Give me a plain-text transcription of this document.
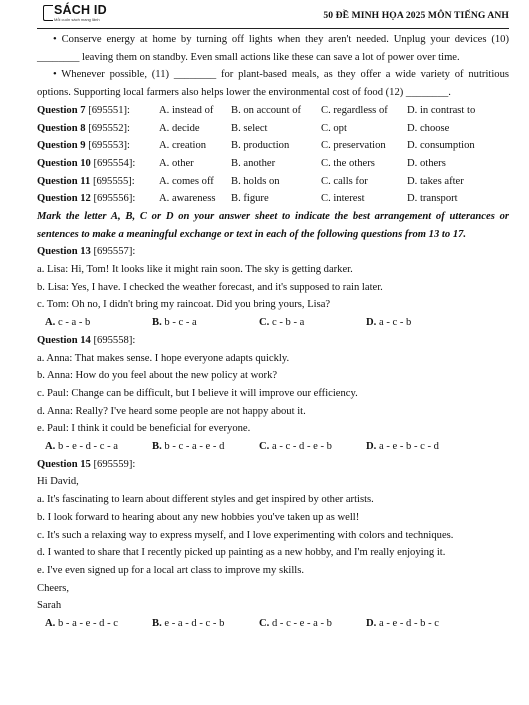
SÁCH ID
Mỗi cuốn sách mang lãnh	50 ĐỀ MINH HỌA 2025 MÔN TIẾNG ANH

• Conserve energy at home by turning off lights when they aren't needed. Unplug your devices (10) ________ leaving them on standby. Even small actions like these can save a lot of power over time.

• Whenever possible, (11) ________ for plant-based meals, as they offer a wide variety of nutritious options. Supporting local farmers also helps lower the environmental cost of food (12) ________.

Question 7 [695551]:	A. instead of	B. on account of	C. regardless of	D. in contrast to
Question 8 [695552]:	A. decide	B. select	C. opt	D. choose
Question 9 [695553]:	A. creation	B. production	C. preservation	D. consumption
Question 10 [695554]:	A. other	B. another	C. the others	D. others
Question 11 [695555]:	A. comes off	B. holds on	C. calls for	D. takes after
Question 12 [695556]:	A. awareness	B. figure	C. interest	D. transport

Mark the letter A, B, C or D on your answer sheet to indicate the best arrangement of utterances or sentences to make a meaningful exchange or text in each of the following questions from 13 to 17.

Question 13 [695557]:

a. Lisa: Hi, Tom! It looks like it might rain soon. The sky is getting darker.

b. Lisa: Yes, I have. I checked the weather forecast, and it's supposed to rain later.

c. Tom: Oh no, I didn't bring my raincoat. Did you bring yours, Lisa?

A. c - a - b	B. b - c - a	C. c - b - a	D. a - c - b

Question 14 [695558]:

a. Anna: That makes sense. I hope everyone adapts quickly.

b. Anna: How do you feel about the new policy at work?

c. Paul: Change can be difficult, but I believe it will improve our efficiency.

d. Anna: Really? I've heard some people are not happy about it.

e. Paul: I think it could be beneficial for everyone.

A. b - e - d - c - a	B. b - c - a - e - d	C. a - c - d - e - b	D. a - e - b - c - d

Question 15 [695559]:

Hi David,

a. It's fascinating to learn about different styles and get inspired by other artists.

b. I look forward to hearing about any new hobbies you've taken up as well!

c. It's such a relaxing way to express myself, and I love experimenting with colors and techniques.

d. I wanted to share that I recently picked up painting as a new hobby, and I'm really enjoying it.

e. I've even signed up for a local art class to improve my skills.

Cheers,

Sarah

A. b - a - e - d - c	B. e - a - d - c - b	C. d - c - e - a - b	D. a - e - d - b - c
